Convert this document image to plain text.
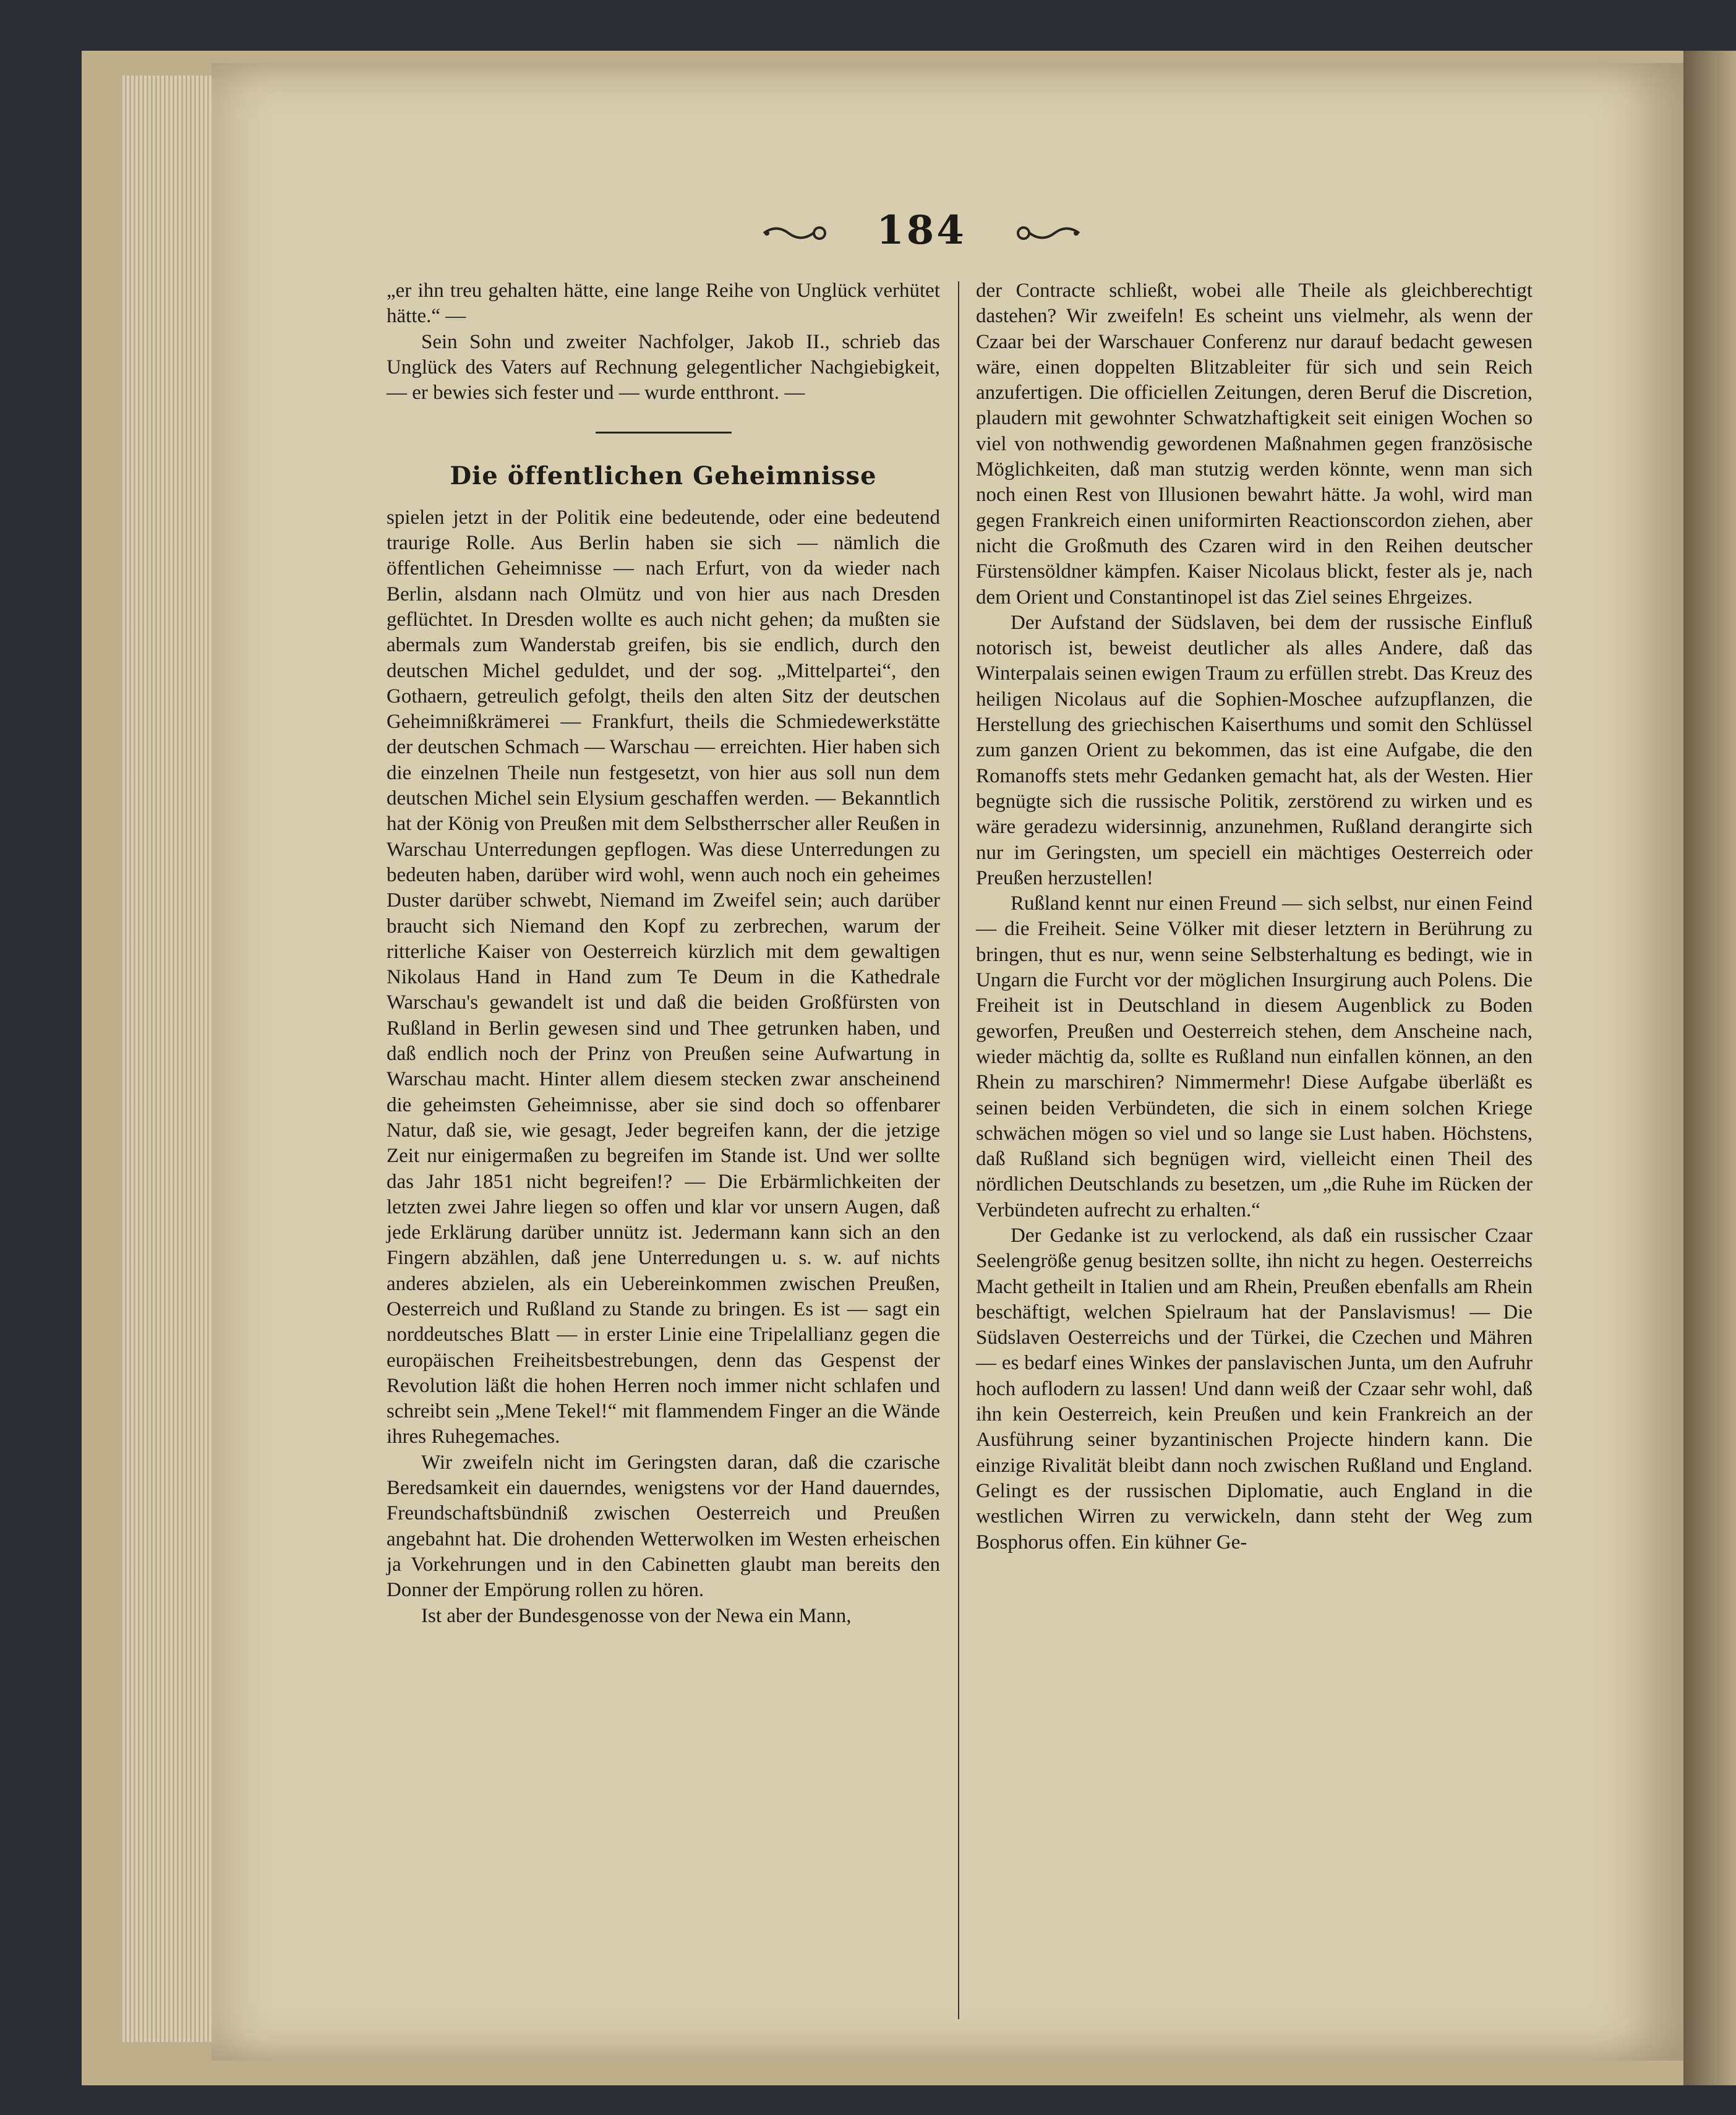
184

„er ihn treu gehalten hätte, eine lange Reihe von Unglück verhütet hätte.“ —

Sein Sohn und zweiter Nachfolger, Jakob II., schrieb das Unglück des Vaters auf Rechnung gelegentlicher Nachgiebigkeit, — er bewies sich fester und — wurde entthront. —

Die öffentlichen Geheimnisse

spielen jetzt in der Politik eine bedeutende, oder eine bedeutend traurige Rolle. Aus Berlin haben sie sich — nämlich die öffentlichen Geheimnisse — nach Erfurt, von da wieder nach Berlin, alsdann nach Olmütz und von hier aus nach Dresden geflüchtet. In Dresden wollte es auch nicht gehen; da mußten sie abermals zum Wanderstab greifen, bis sie endlich, durch den deutschen Michel geduldet, und der sog. „Mittelpartei“, den Gothaern, getreulich gefolgt, theils den alten Sitz der deutschen Geheimnißkrämerei — Frankfurt, theils die Schmiedewerkstätte der deutschen Schmach — Warschau — erreichten. Hier haben sich die einzelnen Theile nun festgesetzt, von hier aus soll nun dem deutschen Michel sein Elysium geschaffen werden. — Bekanntlich hat der König von Preußen mit dem Selbstherrscher aller Reußen in Warschau Unterredungen gepflogen. Was diese Unterredungen zu bedeuten haben, darüber wird wohl, wenn auch noch ein geheimes Duster darüber schwebt, Niemand im Zweifel sein; auch darüber braucht sich Niemand den Kopf zu zerbrechen, warum der ritterliche Kaiser von Oesterreich kürzlich mit dem gewaltigen Nikolaus Hand in Hand zum Te Deum in die Kathedrale Warschau's gewandelt ist und daß die beiden Großfürsten von Rußland in Berlin gewesen sind und Thee getrunken haben, und daß endlich noch der Prinz von Preußen seine Aufwartung in Warschau macht. Hinter allem diesem stecken zwar anscheinend die geheimsten Geheimnisse, aber sie sind doch so offenbarer Natur, daß sie, wie gesagt, Jeder begreifen kann, der die jetzige Zeit nur einigermaßen zu begreifen im Stande ist. Und wer sollte das Jahr 1851 nicht begreifen!? — Die Erbärmlichkeiten der letzten zwei Jahre liegen so offen und klar vor unsern Augen, daß jede Erklärung darüber unnütz ist. Jedermann kann sich an den Fingern abzählen, daß jene Unterredungen u. s. w. auf nichts anderes abzielen, als ein Uebereinkommen zwischen Preußen, Oesterreich und Rußland zu Stande zu bringen. Es ist — sagt ein norddeutsches Blatt — in erster Linie eine Tripelallianz gegen die europäischen Freiheitsbestrebungen, denn das Gespenst der Revolution läßt die hohen Herren noch immer nicht schlafen und schreibt sein „Mene Tekel!“ mit flammendem Finger an die Wände ihres Ruhegemaches.

Wir zweifeln nicht im Geringsten daran, daß die czarische Beredsamkeit ein dauerndes, wenigstens vor der Hand dauerndes, Freundschaftsbündniß zwischen Oesterreich und Preußen angebahnt hat. Die drohenden Wetterwolken im Westen erheischen ja Vorkehrungen und in den Cabinetten glaubt man bereits den Donner der Empörung rollen zu hören.

Ist aber der Bundesgenosse von der Newa ein Mann,

der Contracte schließt, wobei alle Theile als gleichberechtigt dastehen? Wir zweifeln! Es scheint uns vielmehr, als wenn der Czaar bei der Warschauer Conferenz nur darauf bedacht gewesen wäre, einen doppelten Blitzableiter für sich und sein Reich anzufertigen. Die officiellen Zeitungen, deren Beruf die Discretion, plaudern mit gewohnter Schwatzhaftigkeit seit einigen Wochen so viel von nothwendig gewordenen Maßnahmen gegen französische Möglichkeiten, daß man stutzig werden könnte, wenn man sich noch einen Rest von Illusionen bewahrt hätte. Ja wohl, wird man gegen Frankreich einen uniformirten Reactionscordon ziehen, aber nicht die Großmuth des Czaren wird in den Reihen deutscher Fürstensöldner kämpfen. Kaiser Nicolaus blickt, fester als je, nach dem Orient und Constantinopel ist das Ziel seines Ehrgeizes.

Der Aufstand der Südslaven, bei dem der russische Einfluß notorisch ist, beweist deutlicher als alles Andere, daß das Winterpalais seinen ewigen Traum zu erfüllen strebt. Das Kreuz des heiligen Nicolaus auf die Sophien-Moschee aufzupflanzen, die Herstellung des griechischen Kaiserthums und somit den Schlüssel zum ganzen Orient zu bekommen, das ist eine Aufgabe, die den Romanoffs stets mehr Gedanken gemacht hat, als der Westen. Hier begnügte sich die russische Politik, zerstörend zu wirken und es wäre geradezu widersinnig, anzunehmen, Rußland derangirte sich nur im Geringsten, um speciell ein mächtiges Oesterreich oder Preußen herzustellen!

Rußland kennt nur einen Freund — sich selbst, nur einen Feind — die Freiheit. Seine Völker mit dieser letztern in Berührung zu bringen, thut es nur, wenn seine Selbsterhaltung es bedingt, wie in Ungarn die Furcht vor der möglichen Insurgirung auch Polens. Die Freiheit ist in Deutschland in diesem Augenblick zu Boden geworfen, Preußen und Oesterreich stehen, dem Anscheine nach, wieder mächtig da, sollte es Rußland nun einfallen können, an den Rhein zu marschiren? Nimmermehr! Diese Aufgabe überläßt es seinen beiden Verbündeten, die sich in einem solchen Kriege schwächen mögen so viel und so lange sie Lust haben. Höchstens, daß Rußland sich begnügen wird, vielleicht einen Theil des nördlichen Deutschlands zu besetzen, um „die Ruhe im Rücken der Verbündeten aufrecht zu erhalten.“

Der Gedanke ist zu verlockend, als daß ein russischer Czaar Seelengröße genug besitzen sollte, ihn nicht zu hegen. Oesterreichs Macht getheilt in Italien und am Rhein, Preußen ebenfalls am Rhein beschäftigt, welchen Spielraum hat der Panslavismus! — Die Südslaven Oesterreichs und der Türkei, die Czechen und Mähren — es bedarf eines Winkes der panslavischen Junta, um den Aufruhr hoch auflodern zu lassen! Und dann weiß der Czaar sehr wohl, daß ihn kein Oesterreich, kein Preußen und kein Frankreich an der Ausführung seiner byzantinischen Projecte hindern kann. Die einzige Rivalität bleibt dann noch zwischen Rußland und England. Gelingt es der russischen Diplomatie, auch England in die westlichen Wirren zu verwickeln, dann steht der Weg zum Bosphorus offen. Ein kühner Ge-
